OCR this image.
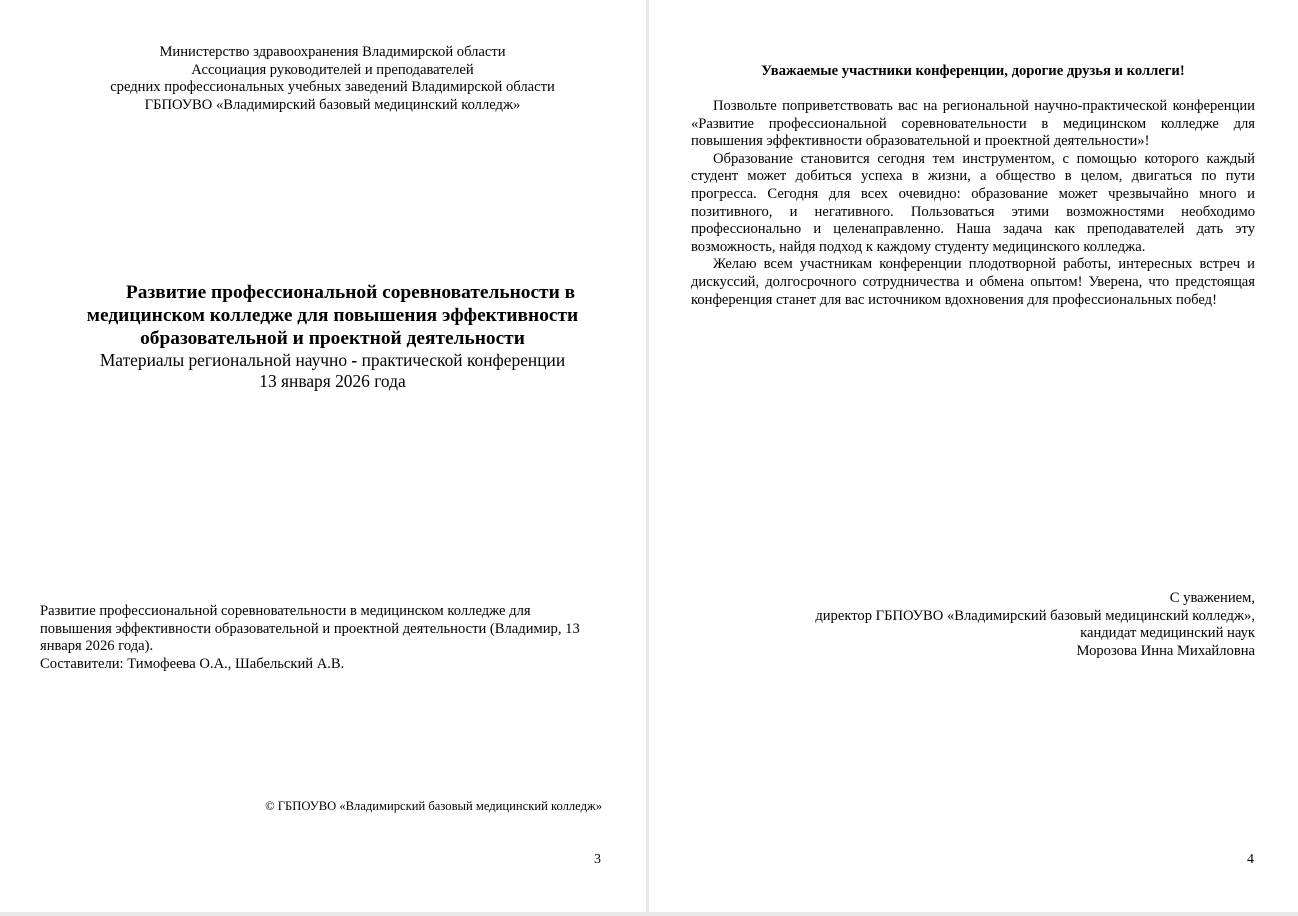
Министерство здравоохранения Владимирской области
Ассоциация руководителей и преподавателей
средних профессиональных учебных заведений Владимирской области
ГБПОУВО «Владимирский базовый медицинский колледж»

Развитие профессиональной соревновательности в медицинском колледже для повышения эффективности образовательной и проектной деятельности

Материалы региональной научно - практической конференции

13 января 2026 года

Развитие профессиональной соревновательности в медицинском колледже для повышения эффективности образовательной и проектной деятельности (Владимир, 13 января 2026 года).
Составители: Тимофеева О.А., Шабельский А.В.
© ГБПОУВО «Владимирский базовый медицинский колледж»
3
Уважаемые участники конференции, дорогие друзья и коллеги!

Позвольте поприветствовать вас на региональной научно-практической конференции «Развитие профессиональной соревновательности в медицинском колледже для повышения эффективности образовательной и проектной деятельности»!

Образование становится сегодня тем инструментом, с помощью которого каждый студент может добиться успеха в жизни, а общество в целом, двигаться по пути прогресса. Сегодня для всех очевидно: образование может чрезвычайно много и позитивного, и негативного. Пользоваться этими возможностями необходимо профессионально и целенаправленно. Наша задача как преподавателей дать эту возможность, найдя подход к каждому студенту медицинского колледжа.

Желаю всем участникам конференции плодотворной работы, интересных встреч и дискуссий, долгосрочного сотрудничества и обмена опытом! Уверена, что предстоящая конференция станет для вас источником вдохновения для профессиональных побед!

С уважением,
директор ГБПОУВО «Владимирский базовый медицинский колледж»,
кандидат медицинский наук
Морозова Инна Михайловна
4
